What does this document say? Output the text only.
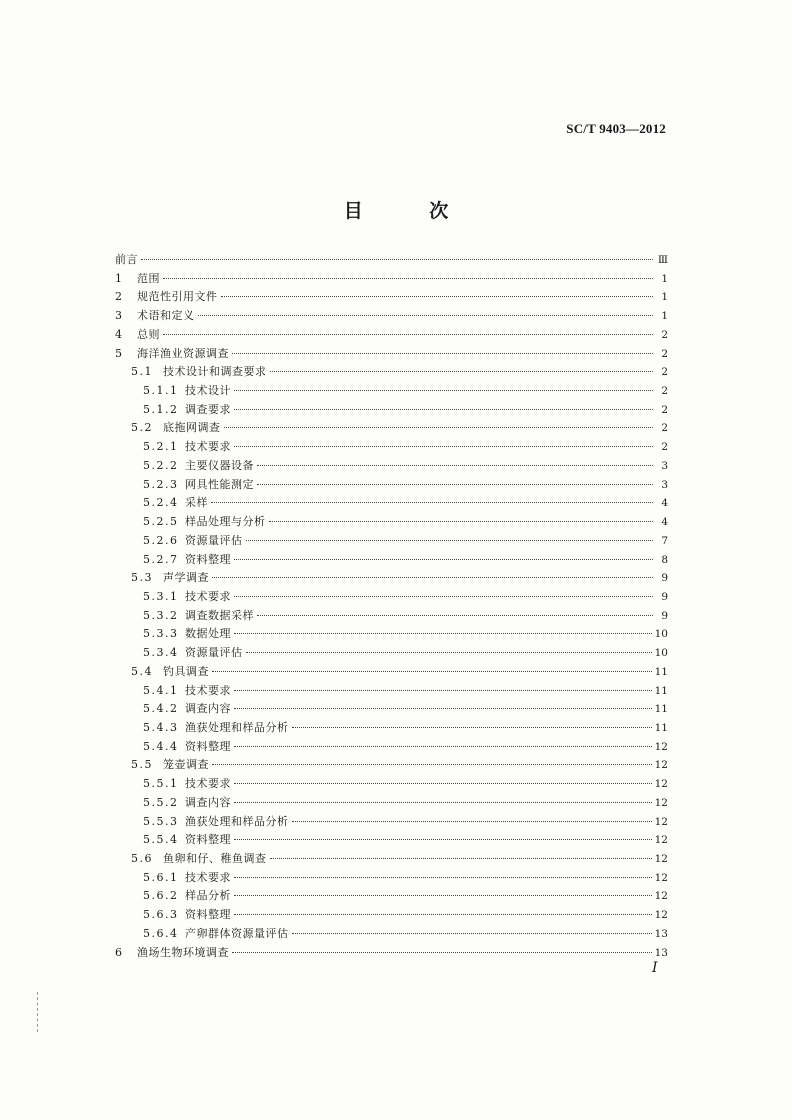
SC/T 9403—2012
目 次
前言	Ⅲ
1	范围	1
2	规范性引用文件	1
3	术语和定义	1
4	总则	2
5	海洋渔业资源调查	2
5.1 技术设计和调查要求	2
5.1.1 技术设计	2
5.1.2 调查要求	2
5.2 底拖网调查	2
5.2.1 技术要求	2
5.2.2 主要仪器设备	3
5.2.3 网具性能测定	3
5.2.4 采样	4
5.2.5 样品处理与分析	4
5.2.6 资源量评估	7
5.2.7 资料整理	8
5.3 声学调查	9
5.3.1 技术要求	9
5.3.2 调查数据采样	9
5.3.3 数据处理	10
5.3.4 资源量评估	10
5.4 钓具调查	11
5.4.1 技术要求	11
5.4.2 调查内容	11
5.4.3 渔获处理和样品分析	11
5.4.4 资料整理	12
5.5 笼壶调查	12
5.5.1 技术要求	12
5.5.2 调查内容	12
5.5.3 渔获处理和样品分析	12
5.5.4 资料整理	12
5.6 鱼卵和仔、稚鱼调查	12
5.6.1 技术要求	12
5.6.2 样品分析	12
5.6.3 资料整理	12
5.6.4 产卵群体资源量评估	13
6	渔场生物环境调查	13
Ⅰ
